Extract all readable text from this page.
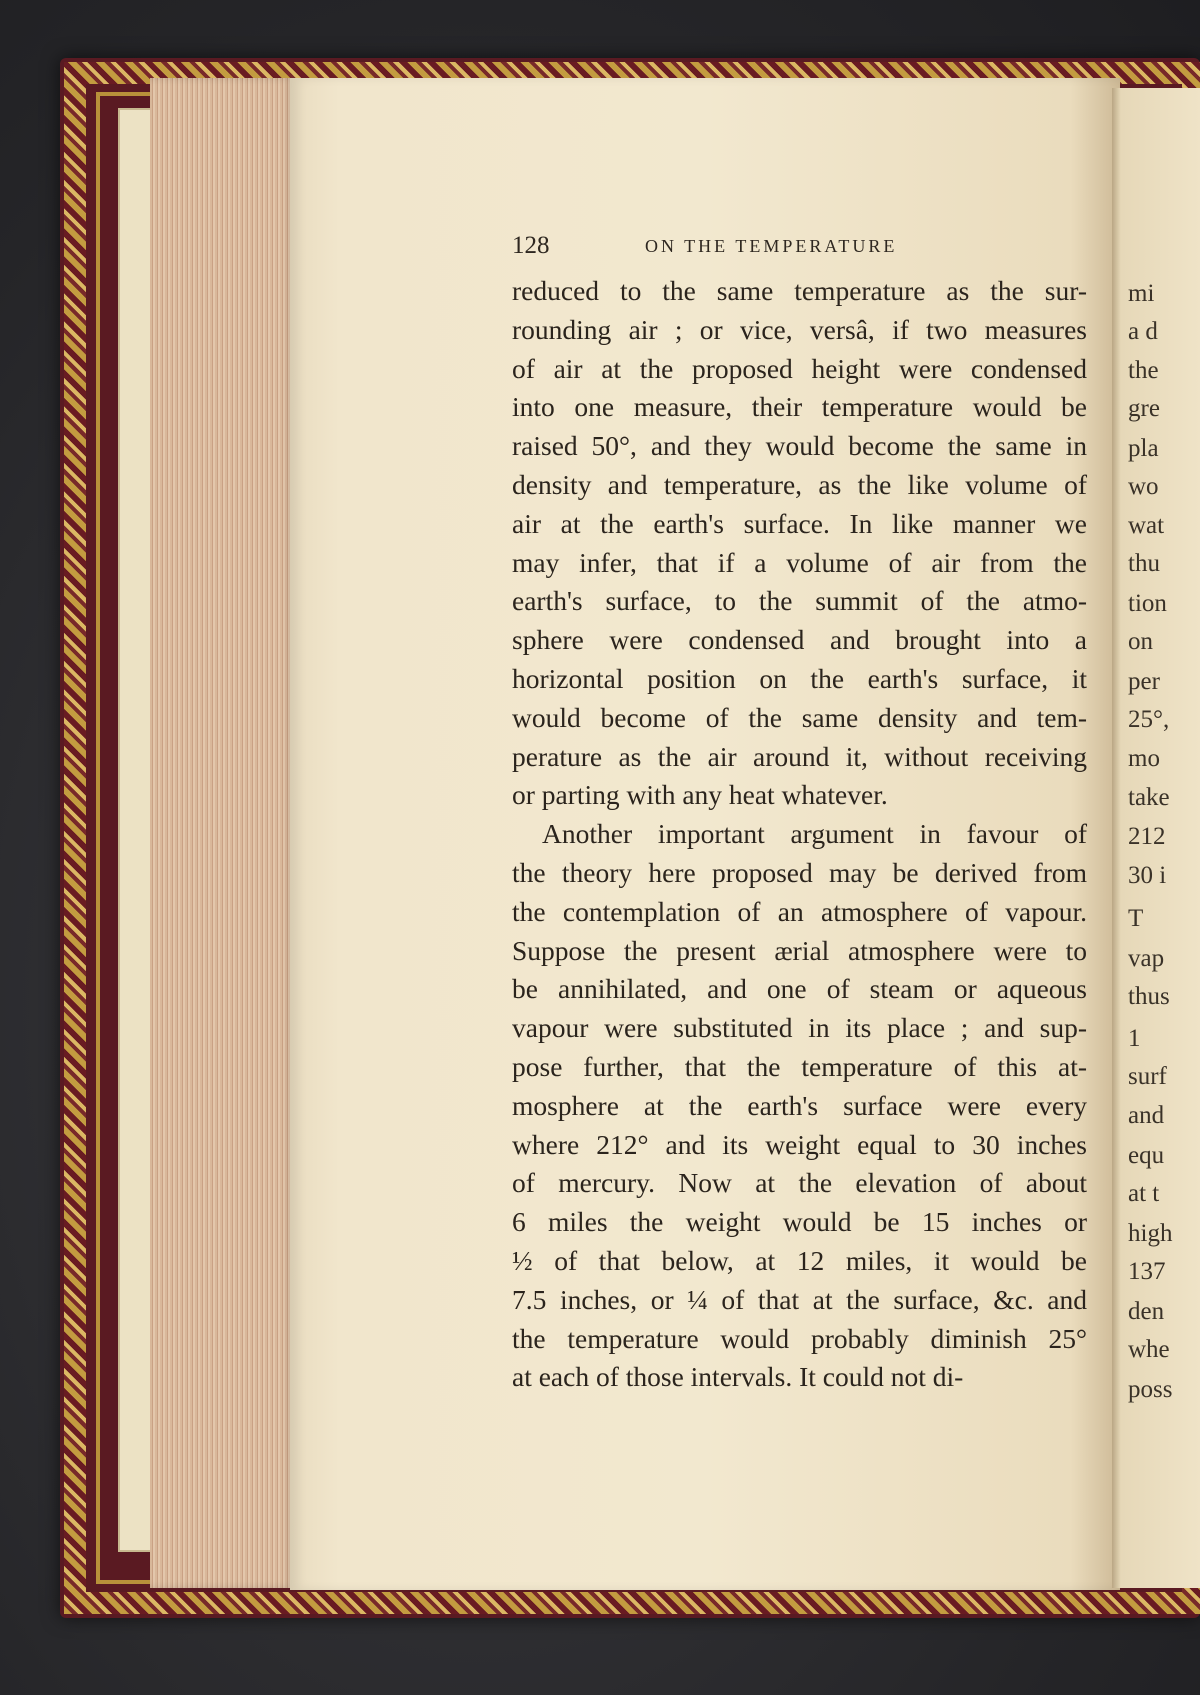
mi
a d
the
gre
pla
wo
wat
thu
tion
on
per
25°,
mo
take
212
30 i
T
vap
thus
1
surf
and
equ
at t
high
137
den
whe
poss
128	ON THE TEMPERATURE
reduced to the same temperature as the sur-
rounding air ; or vice, versâ, if two measures
of air at the proposed height were condensed
into one measure, their temperature would be
raised 50°, and they would become the same in
density and temperature, as the like volume of
air at the earth's surface. In like manner we
may infer, that if a volume of air from the
earth's surface, to the summit of the atmo-
sphere were condensed and brought into a
horizontal position on the earth's surface, it
would become of the same density and tem-
perature as the air around it, without receiving
or parting with any heat whatever.
Another important argument in favour of
the theory here proposed may be derived from
the contemplation of an atmosphere of vapour.
Suppose the present ærial atmosphere were to
be annihilated, and one of steam or aqueous
vapour were substituted in its place ; and sup-
pose further, that the temperature of this at-
mosphere at the earth's surface were every
where 212° and its weight equal to 30 inches
of mercury. Now at the elevation of about
6 miles the weight would be 15 inches or
½ of that below, at 12 miles, it would be
7.5 inches, or ¼ of that at the surface, &c. and
the temperature would probably diminish 25°
at each of those intervals. It could not di-
